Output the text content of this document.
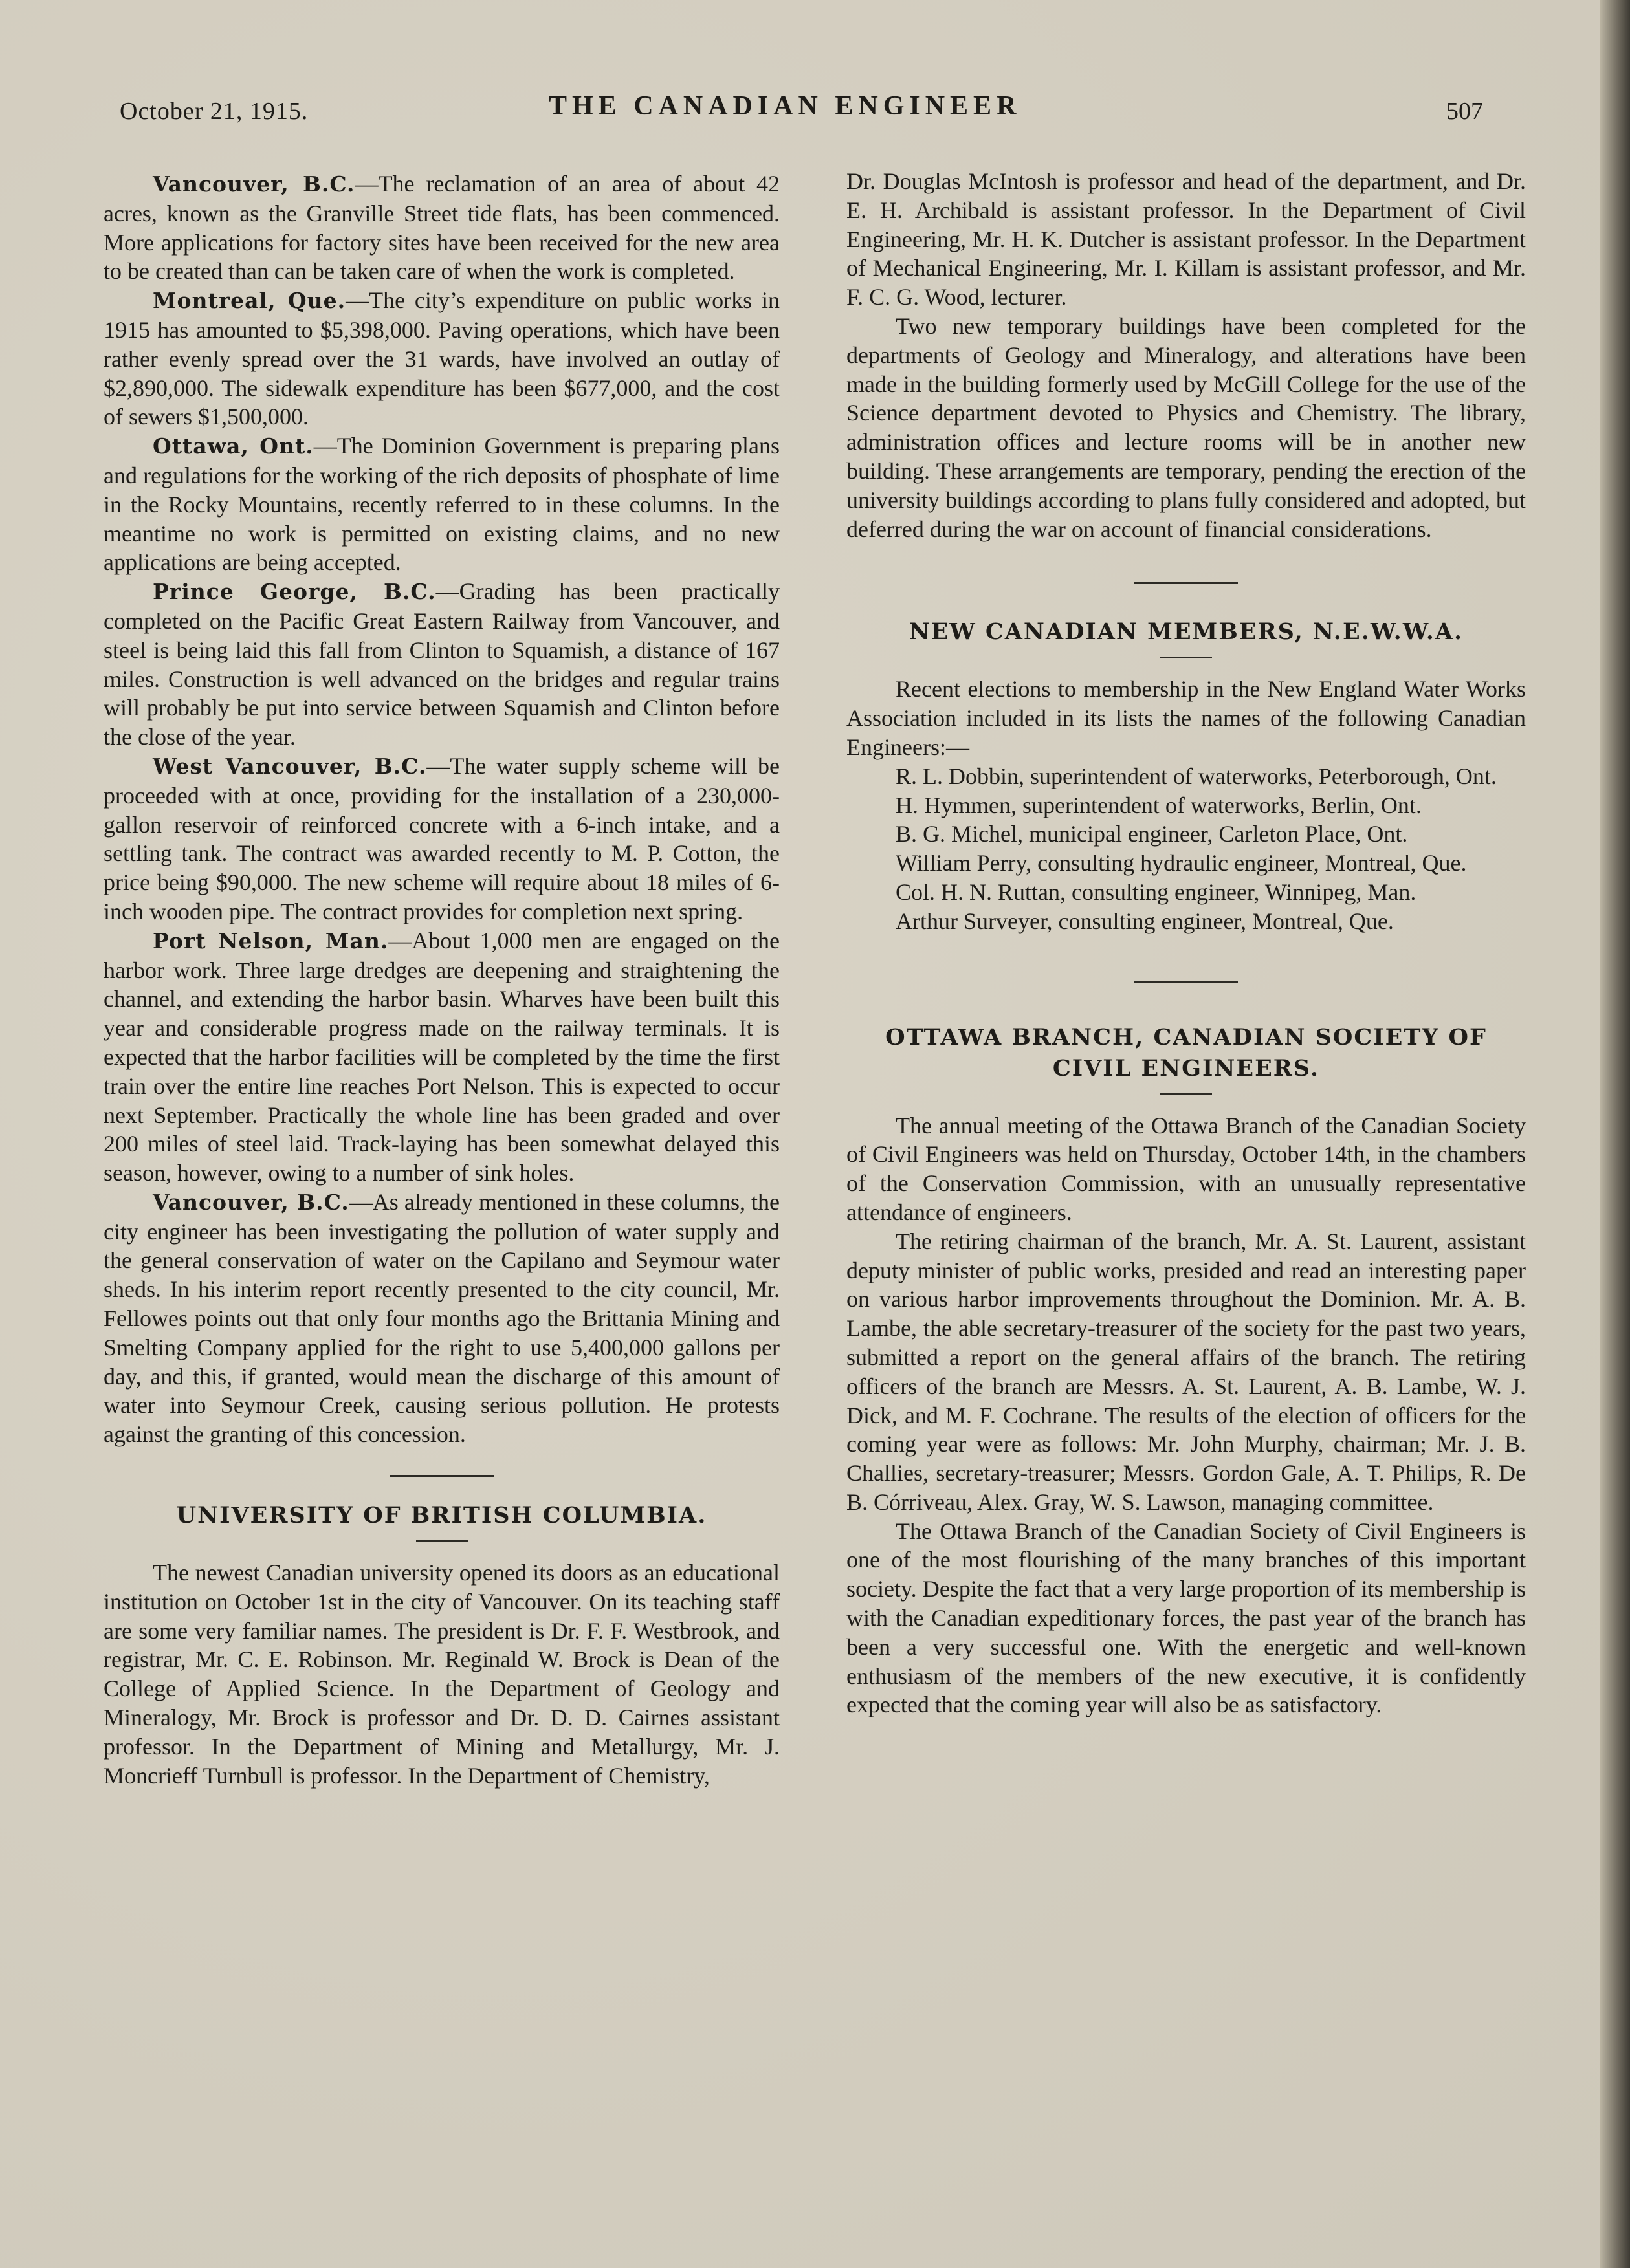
October 21, 1915.	THE CANADIAN ENGINEER	507

Vancouver, B.C.—The reclamation of an area of about 42 acres, known as the Granville Street tide flats, has been commenced. More applications for factory sites have been received for the new area to be created than can be taken care of when the work is completed.

Montreal, Que.—The city’s expenditure on public works in 1915 has amounted to $5,398,000. Paving operations, which have been rather evenly spread over the 31 wards, have involved an outlay of $2,890,000. The sidewalk expenditure has been $677,000, and the cost of sewers $1,500,000.

Ottawa, Ont.—The Dominion Government is preparing plans and regulations for the working of the rich deposits of phosphate of lime in the Rocky Mountains, recently referred to in these columns. In the meantime no work is permitted on existing claims, and no new applications are being accepted.

Prince George, B.C.—Grading has been practically completed on the Pacific Great Eastern Railway from Vancouver, and steel is being laid this fall from Clinton to Squamish, a distance of 167 miles. Construction is well advanced on the bridges and regular trains will probably be put into service between Squamish and Clinton before the close of the year.

West Vancouver, B.C.—The water supply scheme will be proceeded with at once, providing for the installation of a 230,000-gallon reservoir of reinforced concrete with a 6-inch intake, and a settling tank. The contract was awarded recently to M. P. Cotton, the price being $90,000. The new scheme will require about 18 miles of 6-inch wooden pipe. The contract provides for completion next spring.

Port Nelson, Man.—About 1,000 men are engaged on the harbor work. Three large dredges are deepening and straightening the channel, and extending the harbor basin. Wharves have been built this year and considerable progress made on the railway terminals. It is expected that the harbor facilities will be completed by the time the first train over the entire line reaches Port Nelson. This is expected to occur next September. Practically the whole line has been graded and over 200 miles of steel laid. Track-laying has been somewhat delayed this season, however, owing to a number of sink holes.

Vancouver, B.C.—As already mentioned in these columns, the city engineer has been investigating the pollution of water supply and the general conservation of water on the Capilano and Seymour water sheds. In his interim report recently presented to the city council, Mr. Fellowes points out that only four months ago the Brittania Mining and Smelting Company applied for the right to use 5,400,000 gallons per day, and this, if granted, would mean the discharge of this amount of water into Seymour Creek, causing serious pollution. He protests against the granting of this concession.

UNIVERSITY OF BRITISH COLUMBIA.

The newest Canadian university opened its doors as an educational institution on October 1st in the city of Vancouver. On its teaching staff are some very familiar names. The president is Dr. F. F. Westbrook, and registrar, Mr. C. E. Robinson. Mr. Reginald W. Brock is Dean of the College of Applied Science. In the Department of Geology and Mineralogy, Mr. Brock is professor and Dr. D. D. Cairnes assistant professor. In the Department of Mining and Metallurgy, Mr. J. Moncrieff Turnbull is professor. In the Department of Chemistry,

Dr. Douglas McIntosh is professor and head of the department, and Dr. E. H. Archibald is assistant professor. In the Department of Civil Engineering, Mr. H. K. Dutcher is assistant professor. In the Department of Mechanical Engineering, Mr. I. Killam is assistant professor, and Mr. F. C. G. Wood, lecturer.

Two new temporary buildings have been completed for the departments of Geology and Mineralogy, and alterations have been made in the building formerly used by McGill College for the use of the Science department devoted to Physics and Chemistry. The library, administration offices and lecture rooms will be in another new building. These arrangements are temporary, pending the erection of the university buildings according to plans fully considered and adopted, but deferred during the war on account of financial considerations.

NEW CANADIAN MEMBERS, N.E.W.W.A.

Recent elections to membership in the New England Water Works Association included in its lists the names of the following Canadian Engineers:—

R. L. Dobbin, superintendent of waterworks, Peterborough, Ont.

H. Hymmen, superintendent of waterworks, Berlin, Ont.

B. G. Michel, municipal engineer, Carleton Place, Ont.

William Perry, consulting hydraulic engineer, Montreal, Que.

Col. H. N. Ruttan, consulting engineer, Winnipeg, Man.

Arthur Surveyer, consulting engineer, Montreal, Que.

OTTAWA BRANCH, CANADIAN SOCIETY OF
CIVIL ENGINEERS.

The annual meeting of the Ottawa Branch of the Canadian Society of Civil Engineers was held on Thursday, October 14th, in the chambers of the Conservation Commission, with an unusually representative attendance of engineers.

The retiring chairman of the branch, Mr. A. St. Laurent, assistant deputy minister of public works, presided and read an interesting paper on various harbor improvements throughout the Dominion. Mr. A. B. Lambe, the able secretary-treasurer of the society for the past two years, submitted a report on the general affairs of the branch. The retiring officers of the branch are Messrs. A. St. Laurent, A. B. Lambe, W. J. Dick, and M. F. Cochrane. The results of the election of officers for the coming year were as follows: Mr. John Murphy, chairman; Mr. J. B. Challies, secretary-treasurer; Messrs. Gordon Gale, A. T. Philips, R. De B. Córriveau, Alex. Gray, W. S. Lawson, managing committee.

The Ottawa Branch of the Canadian Society of Civil Engineers is one of the most flourishing of the many branches of this important society. Despite the fact that a very large proportion of its membership is with the Canadian expeditionary forces, the past year of the branch has been a very successful one. With the energetic and well-known enthusiasm of the members of the new executive, it is confidently expected that the coming year will also be as satisfactory.
